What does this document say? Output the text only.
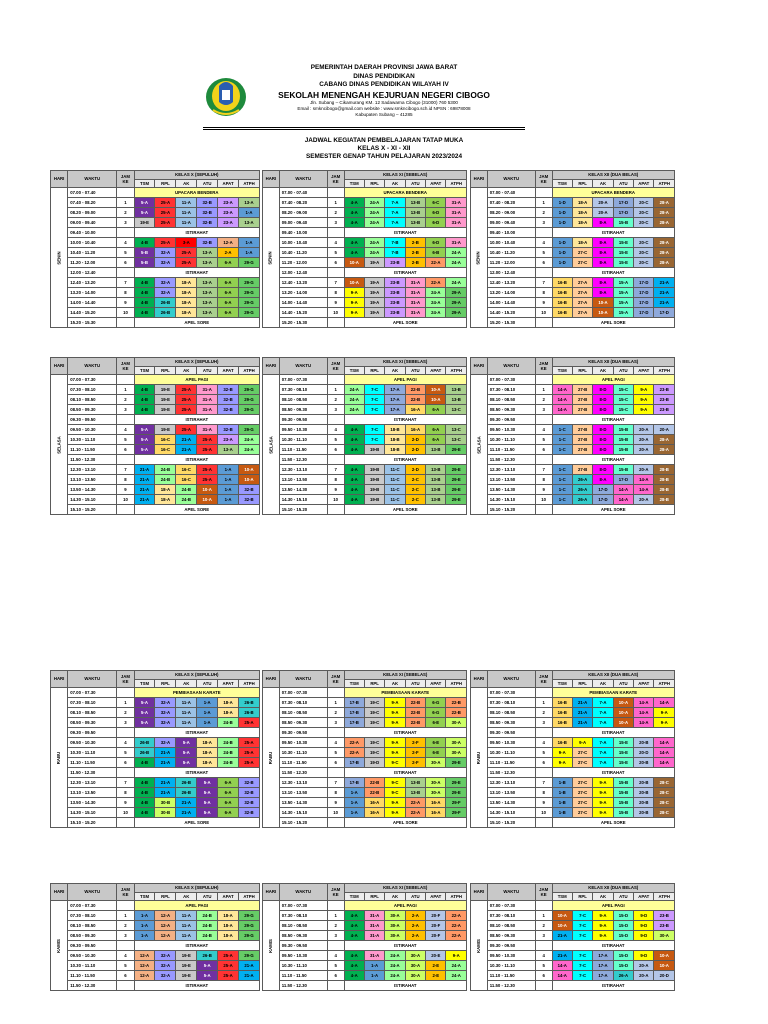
PEMERINTAH DAERAH PROVINSI JAWA BARAT
DINAS PENDIDIKAN
CABANG DINAS PENDIDIKAN WILAYAH IV
SEKOLAH MENENGAH KEJURUAN NEGERI CIBOGO
Jln. Subang – Cikamurang KM. 12 Sadawarna Cibogo (31000) 760 5300
Email : smkncibogo@gmail.com website : www.smkncibogo.sch.id NPSN : 69878008
Kabupaten Subang – 41285
JADWAL KEGIATAN PEMBELAJARAN TATAP MUKA
KELAS X - XI - XII
SEMESTER GENAP TAHUN PELAJARAN 2023/2024
HARI	WAKTU	JAM KE	KELAS X (SEPULUH)					
			TSM	RPL	AK	ATU	APAT	ATPH
SENIN	07.00 - 07.40		UPACARA BENDERA					
	07.40 - 08.20	1	5-A	25-A	11-A	32-B	23-A	13-A
	08.20 - 09.00	2	5-A	25-A	11-A	32-B	23-A	1-A
	09.00 - 09.40	3	19-E	25-A	11-A	32-B	23-A	13-A
	09.40 - 10.00		ISTIRAHAT					
	10.00 - 10.40	4	4-B	25-A	3-A	32-B	12-A	1-A
	10.40 - 11.20	5	5-B	32-A	25-A	13-A	2-A	1-A
	11.20 - 12.00	6	5-B	32-A	25-A	13-A	6-A	29-G
	12.00 - 12.40		ISTIRAHAT					
	12.40 - 13.20	7	4-B	32-A	18-A	13-A	6-A	29-G
	13.20 - 14.00	8	4-B	32-A	18-A	13-A	6-A	29-G
	14.00 - 14.40	9	4-B	26-B	18-A	13-A	6-A	29-G
	14.40 - 15.20	10	4-B	26-B	18-A	13-A	6-A	29-G
	15.20 - 15.30		APEL SORE					
HARI	WAKTU	JAM KE	KELAS XI (SEBELAS)					
			TSM	RPL	AK	ATU	APAT	ATPH
SENIN	07.00 - 07.40		UPACARA BENDERA					
	07.40 - 08.20	1	4-A	24-A	7-A	13-B	6-C	31-A
	08.20 - 09.00	2	4-A	24-A	7-A	13-B	6-D	31-A
	09.00 - 09.40	3	4-A	24-A	7-A	13-B	6-D	31-A
	09.40 - 10.00		ISTIRAHAT					
	10.00 - 10.40	4	4-A	24-A	7-B	2-B	6-D	31-A
	10.40 - 11.20	5	4-A	24-A	7-B	2-B	6-B	24-A
	11.20 - 12.00	6	10-A	19-A	23-B	2-B	22-A	24-A
	12.00 - 12.40		ISTIRAHAT					
	12.40 - 13.20	7	10-A	19-A	23-B	31-A	22-A	24-A
	13.20 - 14.00	8	9-A	19-A	23-B	31-A	24-A	29-A
	14.00 - 14.40	9	9-A	19-A	23-B	31-A	24-A	29-A
	14.40 - 15.20	10	9-A	19-A	23-B	31-A	24-A	29-A
	15.20 - 15.30		APEL SORE					
HARI	WAKTU	JAM KE	KELAS XII (DUA BELAS)					
			TSM	RPL	AK	ATU	APAT	ATPH
SENIN	07.00 - 07.40		UPACARA BENDERA					
	07.40 - 08.20	1	1-D	18-A	20-A	17-D	20-C	28-A
	08.20 - 09.00	2	1-D	18-A	20-A	17-D	20-C	28-A
	09.00 - 09.40	3	1-D	18-A	8-A	15-B	20-C	28-A
	09.40 - 10.00		ISTIRAHAT					
	10.00 - 10.40	4	1-D	18-A	8-A	15-E	20-C	28-A
	10.40 - 11.20	5	1-D	27-C	8-A	15-E	20-C	28-A
	11.20 - 12.00	6	1-D	27-C	8-A	15-E	20-C	28-A
	12.00 - 12.40		ISTIRAHAT					
	12.40 - 13.20	7	16-B	27-A	8-A	15-A	17-D	21-A
	13.20 - 14.00	8	16-B	27-A	8-A	15-A	17-D	21-A
	14.00 - 14.40	9	16-B	27-A	10-A	15-A	17-D	21-A
	14.40 - 15.20	10	16-B	27-A	10-A	15-A	17-D	17-D
	15.20 - 15.30		APEL SORE					
HARI	WAKTU	JAM KE	KELAS X (SEPULUH)					
			TSM	RPL	AK	ATU	APAT	ATPH
SELASA	07.00 - 07.30		APEL PAGI					
	07.30 - 08.10	1	4-B	19-E	25-A	31-A	32-B	29-G
	08.10 - 08.50	2	4-B	19-E	25-A	31-A	32-B	29-G
	08.50 - 09.30	3	4-B	19-E	25-A	31-A	32-B	29-G
	09.30 - 09.50		ISTIRAHAT					
	09.50 - 10.30	4	5-A	19-E	25-A	31-A	32-B	29-G
	10.30 - 11.10	5	5-A	16-C	21-A	25-A	23-A	24-A
	11.10 - 11.50	6	5-A	16-C	21-A	25-A	13-A	24-A
	11.50 - 12.30		ISTIRAHAT					
	12.30 - 13.10	7	21-A	24-B	16-C	25-A	1-A	10-A
	13.10 - 13.50	8	21-A	24-B	16-C	25-A	1-A	10-A
	13.50 - 14.30	9	21-A	18-A	24-B	10-A	1-A	32-B
	14.30 - 15.10	10	21-A	18-A	24-B	10-A	1-A	32-B
	15.10 - 15.20		APEL SORE					
HARI	WAKTU	JAM KE	KELAS XI (SEBELAS)					
			TSM	RPL	AK	ATU	APAT	ATPH
SELASA	07.00 - 07.30		APEL PAGI					
	07.30 - 08.10	1	24-A	7-C	17-A	22-B	10-A	13-B
	08.10 - 08.50	2	24-A	7-C	17-A	22-B	10-A	13-B
	08.50 - 09.30	3	24-A	7-C	17-A	16-A	6-A	13-C
	09.30 - 09.50		ISTIRAHAT					
	09.50 - 10.30	4	4-A	7-C	18-B	16-A	6-A	13-C
	10.30 - 11.10	5	4-A	7-C	18-B	2-D	6-A	13-C
	11.10 - 11.50	6	4-A	19-B	18-B	2-D	13-B	29-E
	11.50 - 12.30		ISTIRAHAT					
	12.30 - 13.10	7	4-A	19-B	11-C	2-D	13-B	29-E
	13.10 - 13.50	8	4-A	19-B	11-C	2-C	13-B	29-E
	13.50 - 14.30	9	4-A	19-B	11-C	2-C	13-B	29-E
	14.30 - 15.10	10	4-A	19-B	11-C	2-C	13-B	29-E
	15.10 - 15.20		APEL SORE					
HARI	WAKTU	JAM KE	KELAS XII (DUA BELAS)					
			TSM	RPL	AK	ATU	APAT	ATPH
SELASA	07.00 - 07.30		APEL PAGI					
	07.30 - 08.10	1	14-A	27-B	8-D	15-C	9-A	23-B
	08.10 - 08.50	2	14-A	27-B	8-D	15-C	9-A	23-B
	08.50 - 09.30	3	14-A	27-B	8-D	15-C	9-A	23-B
	09.30 - 09.50		ISTIRAHAT					
	09.50 - 10.30	4	1-C	27-B	8-D	15-B	20-A	20-A
	10.30 - 11.10	5	1-C	27-B	8-D	15-B	20-A	28-A
	11.10 - 11.50	6	1-C	27-B	8-D	15-B	20-A	28-A
	11.50 - 12.30		ISTIRAHAT					
	12.30 - 13.10	7	1-C	27-B	8-D	15-B	20-A	28-B
	13.10 - 13.50	8	1-C	26-A	8-A	17-D	14-A	28-B
	13.50 - 14.30	9	1-C	26-A	17-D	14-A	14-A	28-B
	14.30 - 15.10	10	1-C	26-A	17-D	14-A	20-A	28-B
	15.10 - 15.20		APEL SORE					
HARI	WAKTU	JAM KE	KELAS X (SEPULUH)					
			TSM	RPL	AK	ATU	APAT	ATPH
RABU	07.00 - 07.30		PEMBIASAAN KARATE					
	07.30 - 08.10	1	5-A	32-A	11-A	1-A	18-A	26-B
	08.10 - 08.50	2	5-A	32-A	11-A	1-A	18-A	26-B
	08.50 - 09.30	3	5-A	32-A	11-A	1-A	24-B	25-A
	09.30 - 09.50		ISTIRAHAT					
	09.50 - 10.30	4	26-B	32-A	5-A	18-A	24-B	25-A
	10.30 - 11.10	5	26-B	21-A	5-A	18-A	24-B	25-A
	11.10 - 11.50	6	4-B	21-A	5-A	18-A	24-B	25-A
	11.50 - 12.30		ISTIRAHAT					
	12.30 - 13.10	7	4-B	21-A	26-B	5-A	6-A	32-B
	13.10 - 13.50	8	4-B	21-A	26-B	5-A	6-A	32-B
	13.50 - 14.30	9	4-B	30-B	21-A	5-A	6-A	32-B
	14.30 - 15.10	10	4-B	30-B	21-A	5-A	6-A	32-B
	15.10 - 15.20		APEL SORE					
HARI	WAKTU	JAM KE	KELAS XI (SEBELAS)					
			TSM	RPL	AK	ATU	APAT	ATPH
RABU	07.00 - 07.30		PEMBIASAAN KARATE					
	07.30 - 08.10	1	17-B	19-C	9-A	22-B	6-G	22-B
	08.10 - 08.50	2	17-B	19-C	9-A	22-B	6-G	22-B
	08.50 - 09.30	3	17-B	19-C	9-A	22-B	6-E	30-A
	09.30 - 09.50		ISTIRAHAT					
	09.50 - 10.30	4	22-A	19-C	9-A	2-F	6-E	30-A
	10.30 - 11.10	5	22-A	19-C	9-A	2-F	6-E	30-A
	11.10 - 11.50	6	17-B	19-D	9-C	2-F	30-A	29-E
	11.50 - 12.30		ISTIRAHAT					
	12.30 - 13.10	7	17-B	22-B	9-C	13-B	30-A	29-E
	13.10 - 13.50	8	1-A	22-B	9-C	13-B	30-A	29-E
	13.50 - 14.30	9	1-A	16-A	9-A	22-A	16-A	29-F
	14.30 - 15.10	10	1-A	16-A	9-A	22-A	16-A	29-F
	15.10 - 15.20		APEL SORE					
HARI	WAKTU	JAM KE	KELAS XII (DUA BELAS)					
			TSM	RPL	AK	ATU	APAT	ATPH
RABU	07.00 - 07.30		PEMBIASAAN KARATE					
	07.30 - 08.10	1	16-B	21-A	7-A	10-A	14-A	14-A
	08.10 - 08.50	2	16-B	21-A	7-A	10-A	14-A	9-A
	08.50 - 09.30	3	16-B	21-A	7-A	10-A	14-A	9-A
	09.30 - 09.50		ISTIRAHAT					
	09.50 - 10.30	4	16-B	9-A	7-A	15-E	20-B	14-A
	10.30 - 11.10	5	9-A	27-C	7-A	15-E	20-D	14-A
	11.10 - 11.50	6	9-A	27-C	7-A	15-E	20-B	14-A
	11.50 - 12.30		ISTIRAHAT					
	12.30 - 13.10	7	1-B	27-C	9-A	15-B	20-B	28-C
	13.10 - 13.50	8	1-B	27-C	9-A	15-B	20-B	28-C
	13.50 - 14.30	9	1-B	27-C	9-A	15-B	20-B	28-C
	14.30 - 15.10	10	1-B	27-C	9-A	15-B	20-B	28-C
	15.10 - 15.20		APEL SORE					
HARI	WAKTU	JAM KE	KELAS X (SEPULUH)					
			TSM	RPL	AK	ATU	APAT	ATPH
KAMIS	07.00 - 07.30		APEL PAGI					
	07.30 - 08.10	1	1-A	12-A	11-A	24-B	18-A	29-G
	08.10 - 08.50	2	1-A	12-A	11-A	24-B	18-A	29-G
	08.50 - 09.30	3	1-A	12-A	11-A	24-B	18-A	29-G
	09.30 - 09.50		ISTIRAHAT					
	09.50 - 10.30	4	12-A	32-A	19-E	26-B	25-A	29-G
	10.30 - 11.10	5	12-A	32-A	19-E	5-A	25-A	21-A
	11.10 - 11.50	6	12-A	32-A	19-E	5-A	25-A	21-A
	11.50 - 12.30		ISTIRAHAT					
HARI	WAKTU	JAM KE	KELAS XI (SEBELAS)					
			TSM	RPL	AK	ATU	APAT	ATPH
KAMIS	07.00 - 07.30		APEL PAGI					
	07.30 - 08.10	1	4-A	31-A	30-A	2-A	20-F	22-A
	08.10 - 08.50	2	4-A	31-A	30-A	2-A	20-F	22-A
	08.50 - 09.30	3	4-A	31-A	30-A	2-A	20-F	22-A
	09.30 - 09.50		ISTIRAHAT					
	09.50 - 10.30	4	4-A	31-A	24-A	30-A	20-E	9-A
	10.30 - 11.10	5	4-A	1-A	24-A	30-A	2-E	24-A
	11.10 - 11.50	6	4-A	1-A	24-A	30-A	2-E	24-A
	11.50 - 12.30		ISTIRAHAT					
HARI	WAKTU	JAM KE	KELAS XII (DUA BELAS)					
			TSM	RPL	AK	ATU	APAT	ATPH
KAMIS	07.00 - 07.30		APEL PAGI					
	07.30 - 08.10	1	10-A	7-C	9-A	15-D	9-D	23-B
	08.10 - 08.50	2	10-A	7-C	9-A	15-D	9-D	23-B
	08.50 - 09.30	3	21-A	7-C	9-A	15-D	9-D	30-A
	09.30 - 09.50		ISTIRAHAT					
	09.50 - 10.30	4	21-A	7-C	17-A	15-D	9-D	10-A
	10.30 - 11.10	5	14-A	7-C	17-A	15-D	20-A	10-A
	11.10 - 11.50	6	14-A	7-C	17-A	26-A	20-A	20-D
	11.50 - 12.30		ISTIRAHAT					
